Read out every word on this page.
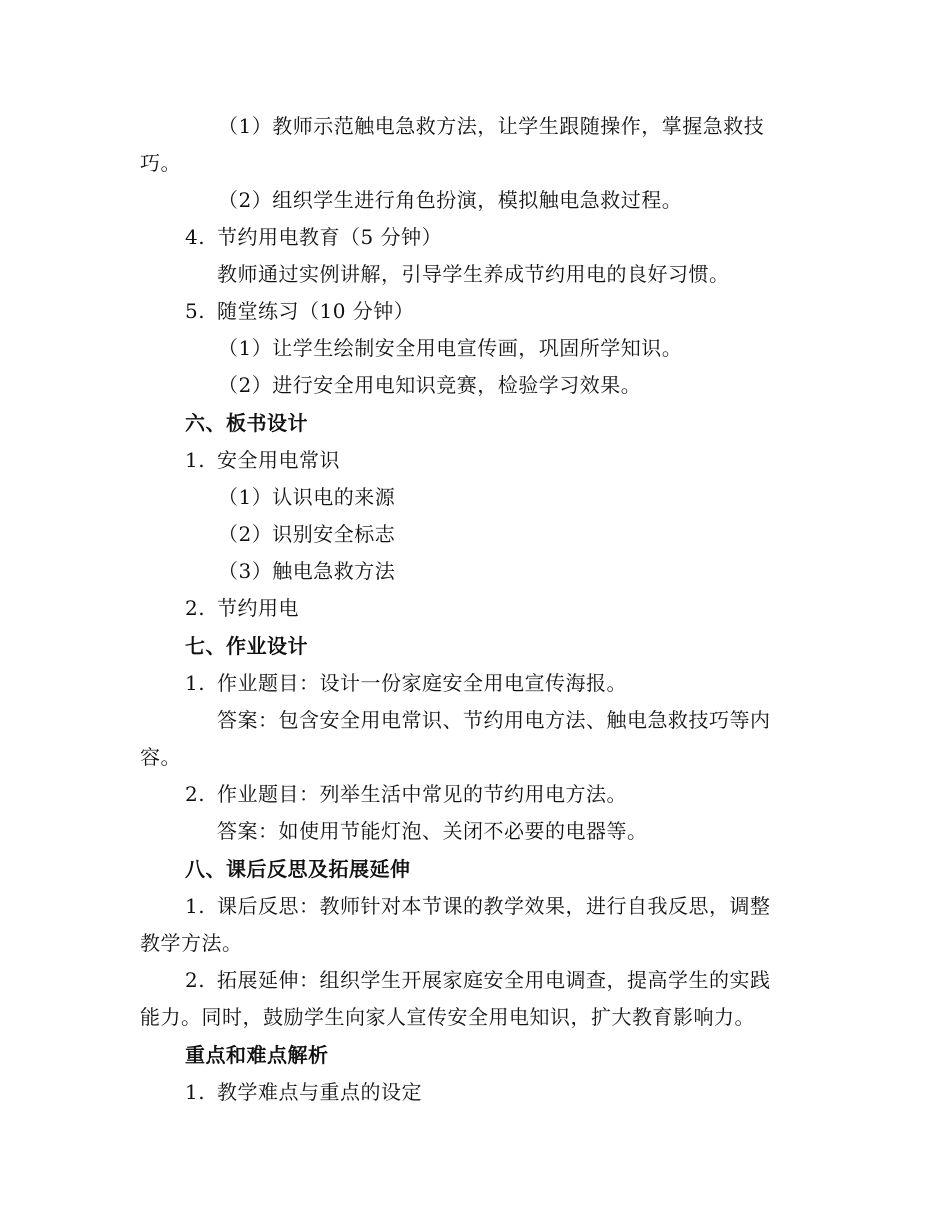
（1）教师示范触电急救方法，让学生跟随操作，掌握急救技
巧。
（2）组织学生进行角色扮演，模拟触电急救过程。
4. 节约用电教育（5 分钟）
教师通过实例讲解，引导学生养成节约用电的良好习惯。
5. 随堂练习（10 分钟）
（1）让学生绘制安全用电宣传画，巩固所学知识。
（2）进行安全用电知识竞赛，检验学习效果。
六、板书设计
1. 安全用电常识
（1）认识电的来源
（2）识别安全标志
（3）触电急救方法
2. 节约用电
七、作业设计
1. 作业题目：设计一份家庭安全用电宣传海报。
答案：包含安全用电常识、节约用电方法、触电急救技巧等内
容。
2. 作业题目：列举生活中常见的节约用电方法。
答案：如使用节能灯泡、关闭不必要的电器等。
八、课后反思及拓展延伸
1. 课后反思：教师针对本节课的教学效果，进行自我反思，调整
教学方法。
2. 拓展延伸：组织学生开展家庭安全用电调查，提高学生的实践
能力。同时，鼓励学生向家人宣传安全用电知识，扩大教育影响力。
重点和难点解析
1. 教学难点与重点的设定
